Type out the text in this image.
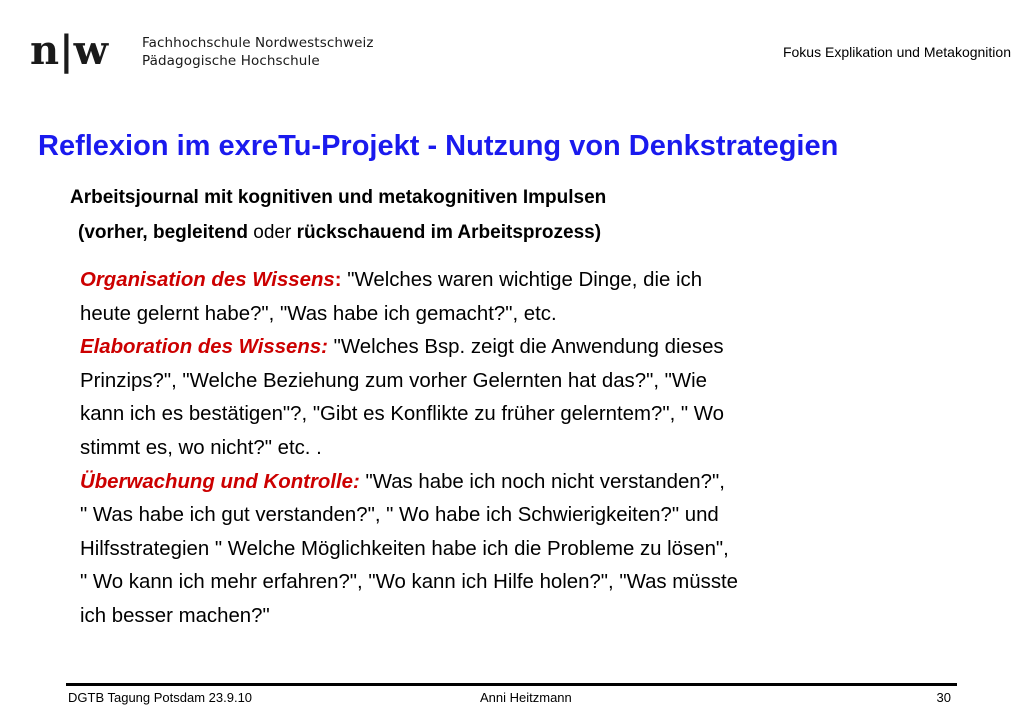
n|w	Fachhochschule Nordwestschweiz
Pädagogische Hochschule
Fokus Explikation und Metakognition
Reflexion im exreTu-Projekt - Nutzung von Denkstrategien
Arbeitsjournal mit kognitiven und metakognitiven Impulsen
(vorher, begleitend oder rückschauend im Arbeitsprozess)
Organisation des Wissens: "Welches waren wichtige Dinge, die ich
heute gelernt habe?", "Was habe ich gemacht?", etc.
Elaboration des Wissens: "Welches Bsp. zeigt die Anwendung dieses
Prinzips?", "Welche Beziehung zum vorher Gelernten hat das?", "Wie
kann ich es bestätigen"?, "Gibt es Konflikte zu früher gelerntem?", " Wo
stimmt es, wo nicht?" etc. .
Überwachung und Kontrolle: "Was habe ich noch nicht verstanden?",
" Was habe ich gut verstanden?", " Wo habe ich Schwierigkeiten?" und
Hilfsstrategien " Welche Möglichkeiten habe ich die Probleme zu lösen",
" Wo kann ich mehr erfahren?", "Wo kann ich Hilfe holen?", "Was müsste
ich besser machen?"
DGTB Tagung Potsdam 23.9.10	Anni Heitzmann	30
